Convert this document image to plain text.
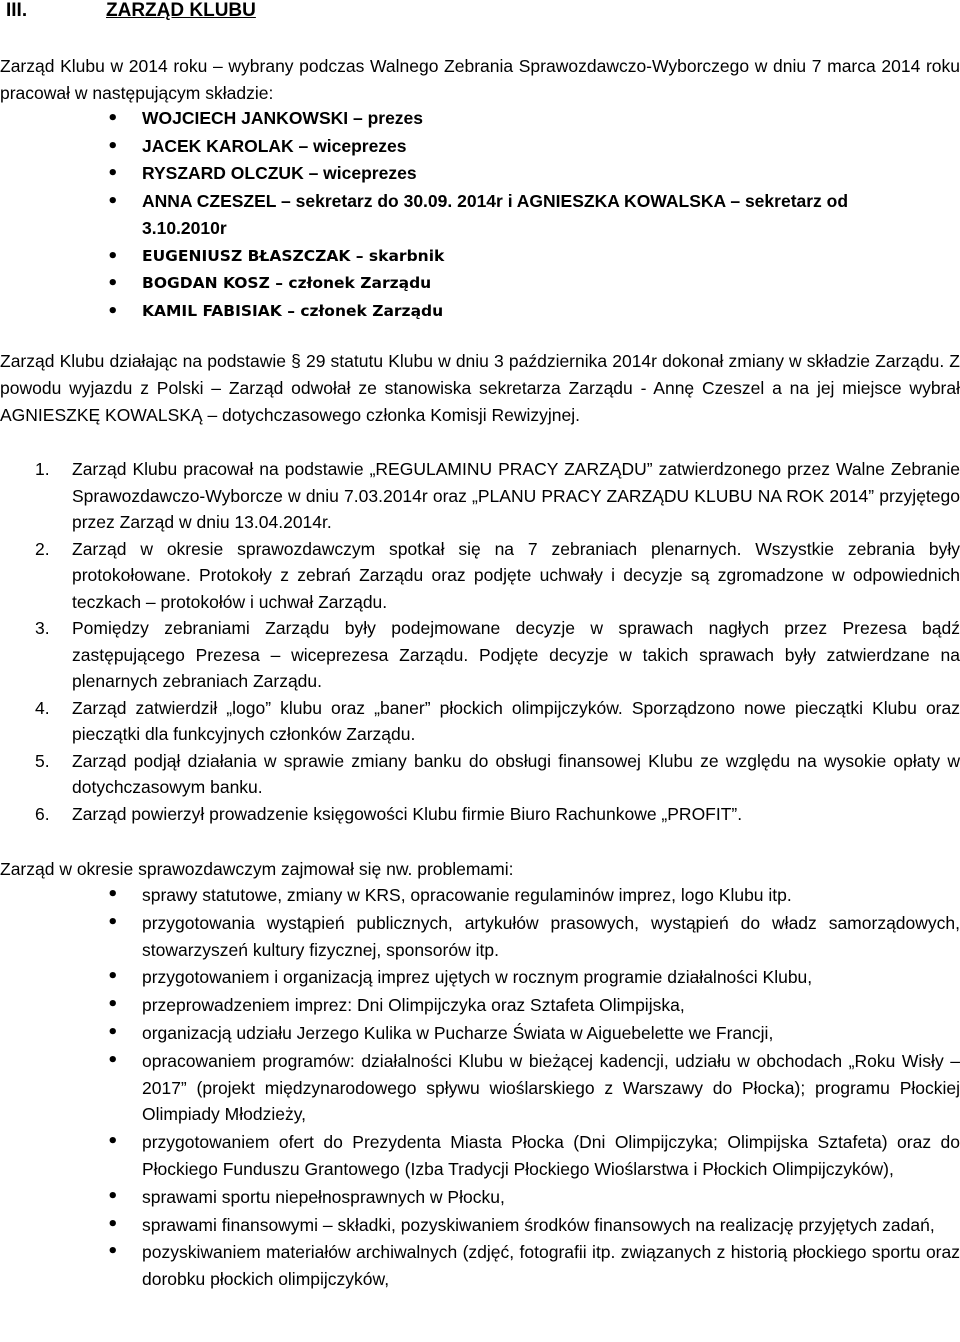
III.	ZARZĄD KLUBU
Zarząd Klubu w 2014 roku – wybrany podczas Walnego Zebrania Sprawozdawczo-Wyborczego w dniu 7 marca 2014 roku pracował w następującym składzie:
• WOJCIECH JANKOWSKI – prezes
• JACEK KAROLAK – wiceprezes
• RYSZARD OLCZUK – wiceprezes
• ANNA CZESZEL – sekretarz do 30.09. 2014r i AGNIESZKA KOWALSKA – sekretarz od 3.10.2010r
• EUGENIUSZ BŁASZCZAK – skarbnik
• BOGDAN KOSZ – członek Zarządu
• KAMIL FABISIAK – członek Zarządu
Zarząd Klubu działając na podstawie § 29 statutu Klubu w dniu 3 października 2014r dokonał zmiany w składzie Zarządu. Z powodu wyjazdu z Polski – Zarząd odwołał ze stanowiska sekretarza Zarządu - Annę Czeszel a na jej miejsce wybrał AGNIESZKĘ KOWALSKĄ – dotychczasowego członka Komisji Rewizyjnej.
1. Zarząd Klubu pracował na podstawie „REGULAMINU PRACY ZARZĄDU” zatwierdzonego przez Walne Zebranie Sprawozdawczo-Wyborcze w dniu 7.03.2014r oraz „PLANU PRACY ZARZĄDU KLUBU NA ROK 2014” przyjętego przez Zarząd w dniu 13.04.2014r.
2. Zarząd w okresie sprawozdawczym spotkał się na 7 zebraniach plenarnych. Wszystkie zebrania były protokołowane. Protokoły z zebrań Zarządu oraz podjęte uchwały i decyzje są zgromadzone w odpowiednich teczkach – protokołów i uchwał Zarządu.
3. Pomiędzy zebraniami Zarządu były podejmowane decyzje w sprawach nagłych przez Prezesa bądź zastępującego Prezesa – wiceprezesa Zarządu. Podjęte decyzje w takich sprawach były zatwierdzane na plenarnych zebraniach Zarządu.
4. Zarząd zatwierdził „logo” klubu oraz „baner” płockich olimpijczyków. Sporządzono nowe pieczątki Klubu oraz pieczątki dla funkcyjnych członków Zarządu.
5. Zarząd podjął działania w sprawie zmiany banku do obsługi finansowej Klubu ze względu na wysokie opłaty w dotychczasowym banku.
6. Zarząd powierzył prowadzenie księgowości Klubu firmie Biuro Rachunkowe „PROFIT”.
Zarząd w okresie sprawozdawczym zajmował się nw. problemami:
• sprawy statutowe, zmiany w KRS, opracowanie regulaminów imprez, logo Klubu itp.
• przygotowania wystąpień publicznych, artykułów prasowych, wystąpień do władz samorządowych, stowarzyszeń kultury fizycznej, sponsorów itp.
• przygotowaniem i organizacją imprez ujętych w rocznym programie działalności Klubu,
• przeprowadzeniem imprez: Dni Olimpijczyka oraz Sztafeta Olimpijska,
• organizacją udziału Jerzego Kulika w Pucharze Świata w Aiguebelette we Francji,
• opracowaniem programów: działalności Klubu w bieżącej kadencji, udziału w obchodach „Roku Wisły – 2017” (projekt międzynarodowego spływu wioślarskiego z Warszawy do Płocka); programu Płockiej Olimpiady Młodzieży,
• przygotowaniem ofert do Prezydenta Miasta Płocka (Dni Olimpijczyka; Olimpijska Sztafeta) oraz do Płockiego Funduszu Grantowego (Izba Tradycji Płockiego Wioślarstwa i Płockich Olimpijczyków),
• sprawami sportu niepełnosprawnych w Płocku,
• sprawami finansowymi – składki, pozyskiwaniem środków finansowych na realizację przyjętych zadań,
• pozyskiwaniem materiałów archiwalnych (zdjęć, fotografii itp. związanych z historią płockiego sportu oraz dorobku płockich olimpijczyków,
